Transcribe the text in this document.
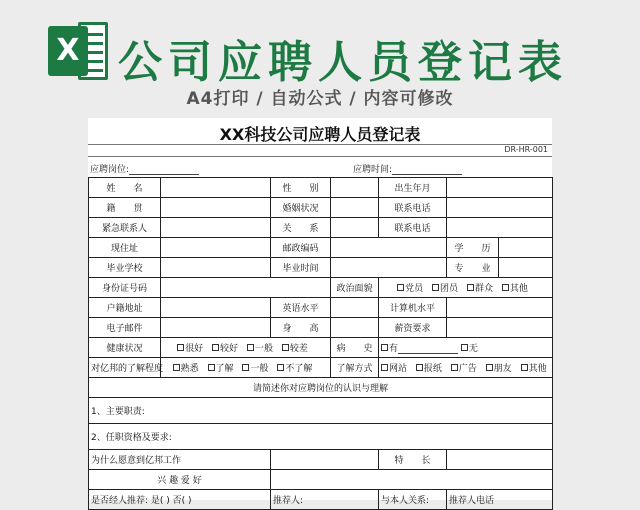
X 公司应聘人员登记表
A4打印 / 自动公式 / 内容可修改
XX科技公司应聘人员登记表
DR-HR-001
应聘岗位:	应聘时间:
姓　　名		性　　别		出生年月		
籍　　贯		婚姻状况		联系电话		
紧急联系人		关　　系		联系电话		
现住址		邮政编码			学　　历	
毕业学校		毕业时间			专　　业	
身份证号码			政治面貌	党员 团员 群众 其他		
户籍地址		英语水平		计算机水平		
电子邮件		身　　高		薪资要求		
健康状况	很好 较好 一般 较差		病　　史	有 无		
对亿邦的了解程度	熟悉 了解 一般 不了解		了解方式	网站 报纸 广告 朋友 其他		
请简述你对应聘岗位的认识与理解						
1、主要职责:						
2、任职资格及要求:						
为什么愿意到亿邦工作				特　　长		
兴 趣 爱 好						
是否经人推荐: 是( ) 否( )		推荐人:		与本人关系:	推荐人电话	
